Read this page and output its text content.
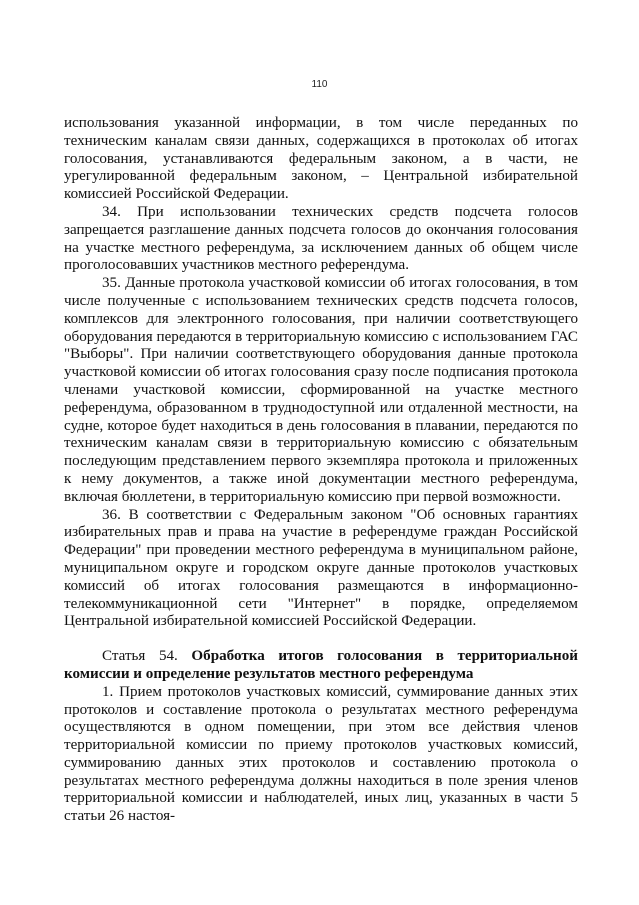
110

использования указанной информации, в том числе переданных по техническим каналам связи данных, содержащихся в протоколах об итогах голосования, устанавливаются федеральным законом, а в части, не урегулированной федеральным законом, – Центральной избирательной комиссией Российской Федерации.

34. При использовании технических средств подсчета голосов запрещается разглашение данных подсчета голосов до окончания голосования на участке местного референдума, за исключением данных об общем числе проголосовавших участников местного референдума.

35. Данные протокола участковой комиссии об итогах голосования, в том числе полученные с использованием технических средств подсчета голосов, комплексов для электронного голосования, при наличии соответствующего оборудования передаются в территориальную комиссию с использованием ГАС "Выборы". При наличии соответствующего оборудования данные протокола участковой комиссии об итогах голосования сразу после подписания протокола членами участковой комиссии, сформированной на участке местного референдума, образованном в труднодоступной или отдаленной местности, на судне, которое будет находиться в день голосования в плавании, передаются по техническим каналам связи в территориальную комиссию с обязательным последующим представлением первого экземпляра протокола и приложенных к нему документов, а также иной документации местного референдума, включая бюллетени, в территориальную комиссию при первой возможности.

36. В соответствии с Федеральным законом "Об основных гарантиях избирательных прав и права на участие в референдуме граждан Российской Федерации" при проведении местного референдума в муниципальном районе, муниципальном округе и городском округе данные протоколов участковых комиссий об итогах голосования размещаются в информационно-телекоммуникационной сети "Интернет" в порядке, определяемом Центральной избирательной комиссией Российской Федерации.

Статья 54. Обработка итогов голосования в территориальной комиссии и определение результатов местного референдума

1. Прием протоколов участковых комиссий, суммирование данных этих протоколов и составление протокола о результатах местного референдума осуществляются в одном помещении, при этом все действия членов территориальной комиссии по приему протоколов участковых комиссий, суммированию данных этих протоколов и составлению протокола о результатах местного референдума должны находиться в поле зрения членов территориальной комиссии и наблюдателей, иных лиц, указанных в части 5 статьи 26 настоя-
